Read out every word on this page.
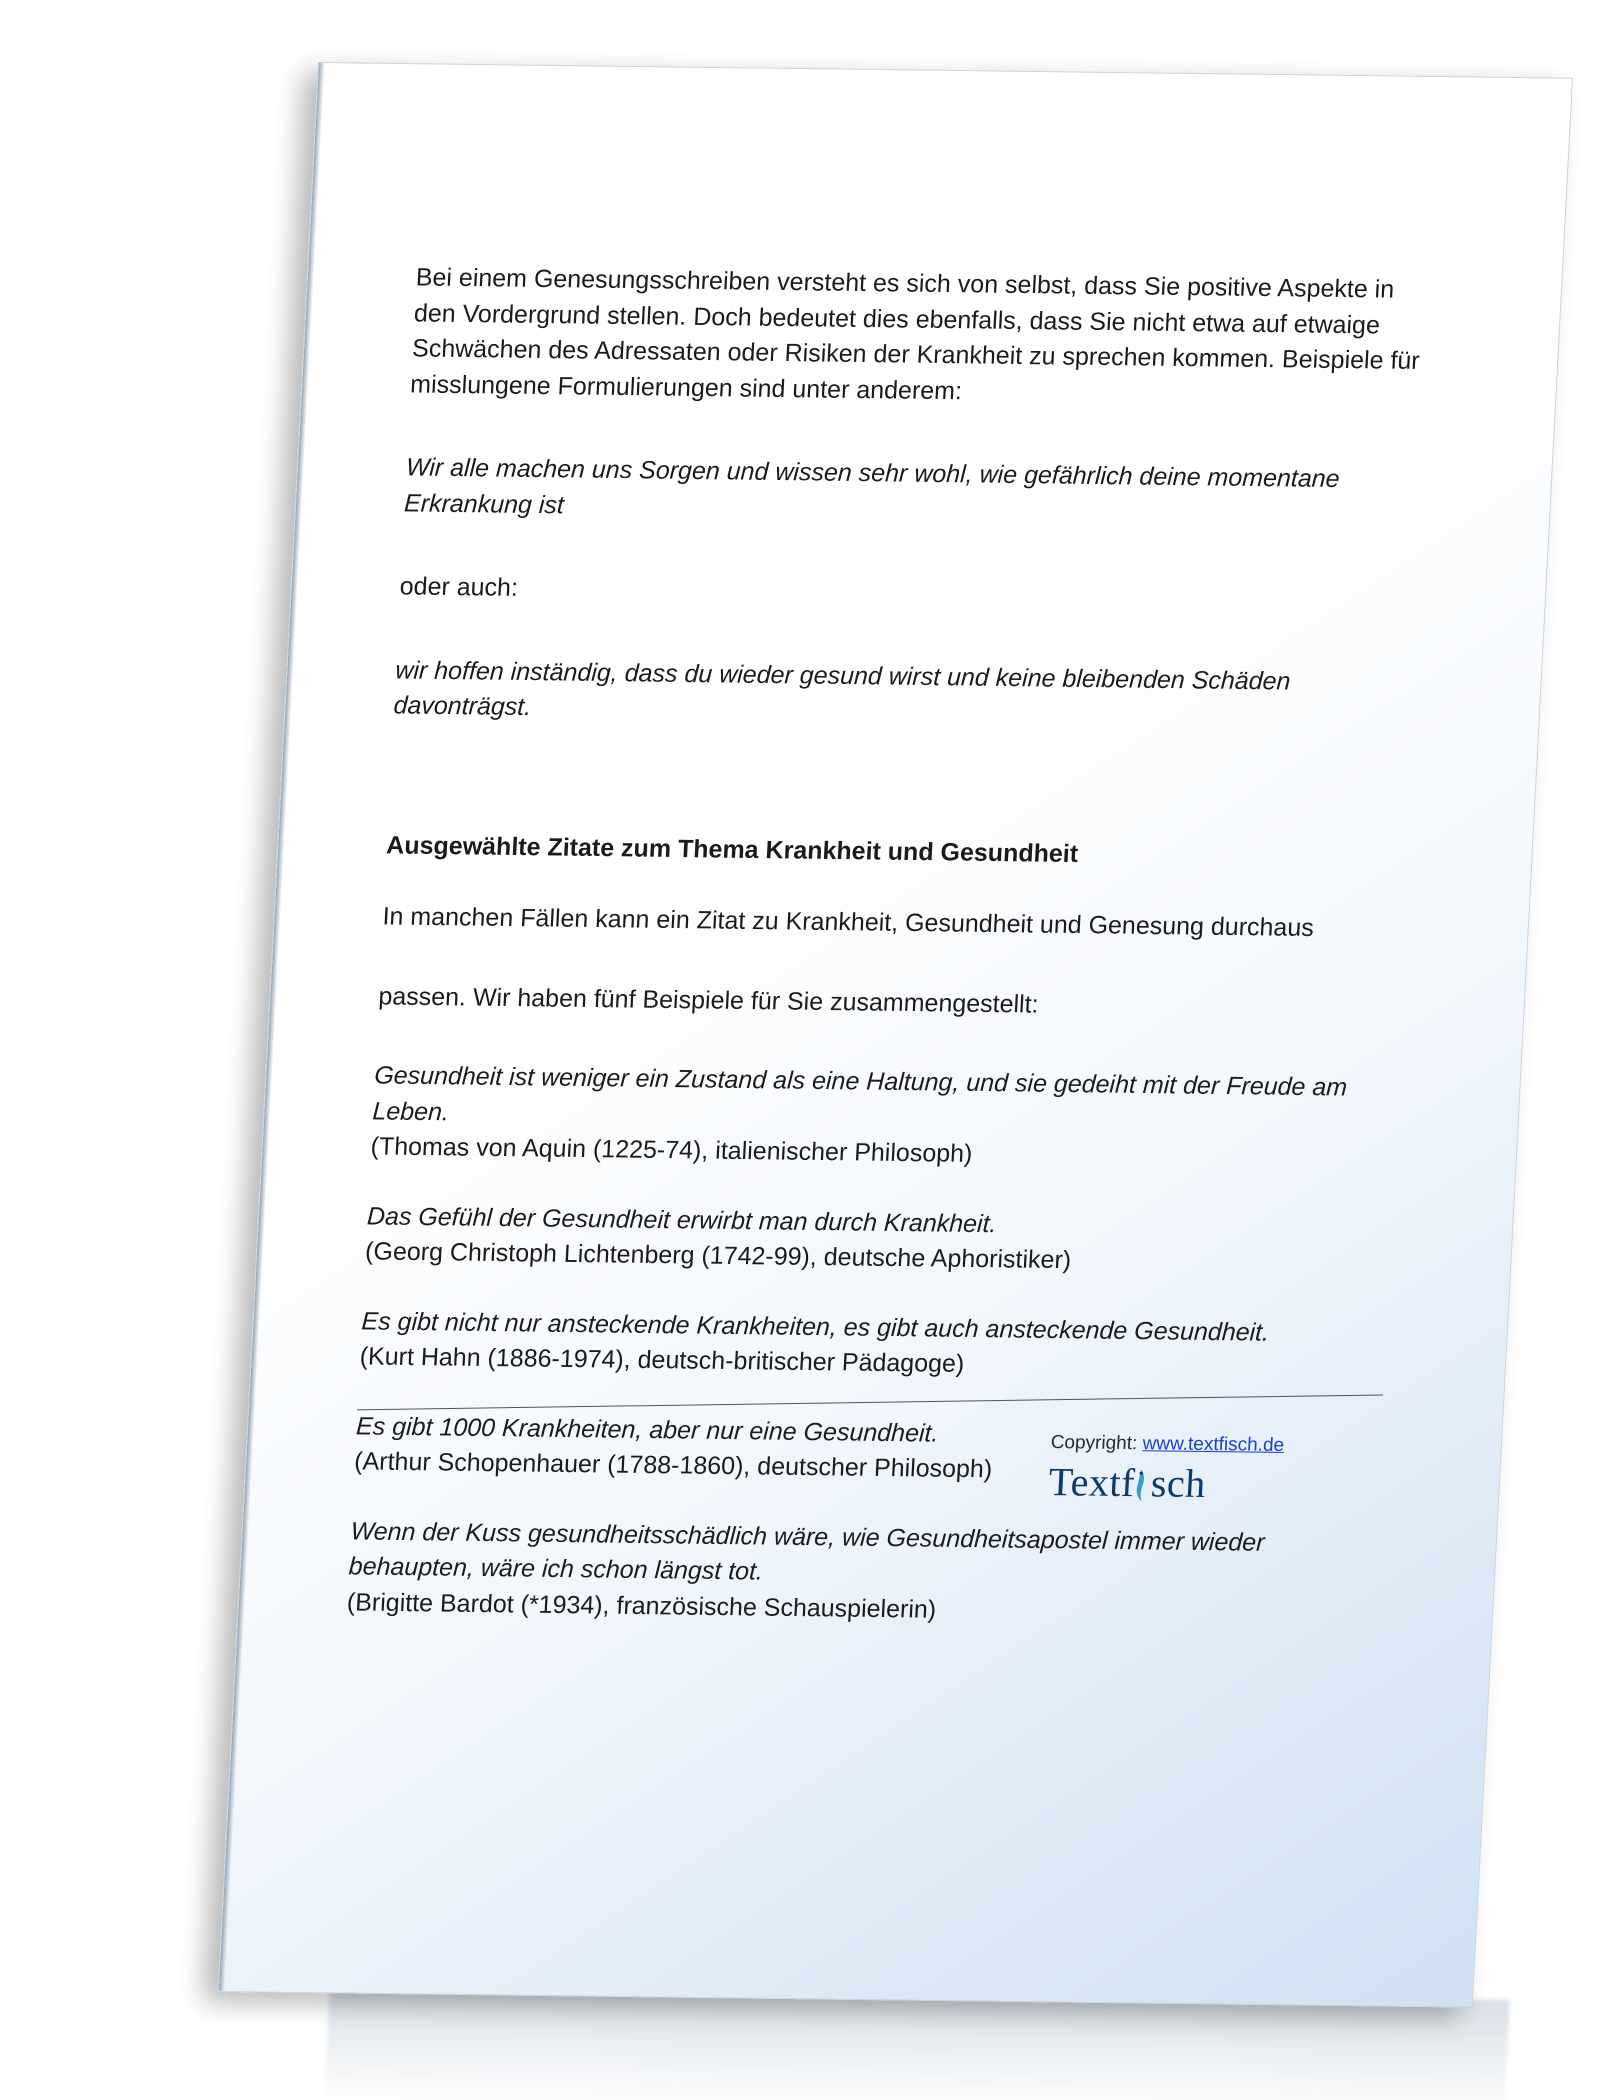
Bei einem Genesungsschreiben versteht es sich von selbst, dass Sie positive Aspekte in den Vordergrund stellen. Doch bedeutet dies ebenfalls, dass Sie nicht etwa auf etwaige Schwächen des Adressaten oder Risiken der Krankheit zu sprechen kommen. Beispiele für misslungene Formulierungen sind unter anderem:

Wir alle machen uns Sorgen und wissen sehr wohl, wie gefährlich deine momentane Erkrankung ist

oder auch:

wir hoffen inständig, dass du wieder gesund wirst und keine bleibenden Schäden davonträgst.

Ausgewählte Zitate zum Thema Krankheit und Gesundheit

In manchen Fällen kann ein Zitat zu Krankheit, Gesundheit und Genesung durchaus

passen. Wir haben fünf Beispiele für Sie zusammengestellt:

Gesundheit ist weniger ein Zustand als eine Haltung, und sie gedeiht mit der Freude am Leben.

(Thomas von Aquin (1225-74), italienischer Philosoph)

Das Gefühl der Gesundheit erwirbt man durch Krankheit.

(Georg Christoph Lichtenberg (1742-99), deutsche Aphoristiker)

Es gibt nicht nur ansteckende Krankheiten, es gibt auch ansteckende Gesundheit.

(Kurt Hahn (1886-1974), deutsch-britischer Pädagoge)

Es gibt 1000 Krankheiten, aber nur eine Gesundheit.

(Arthur Schopenhauer (1788-1860), deutscher Philosoph)

Wenn der Kuss gesundheitsschädlich wäre, wie Gesundheitsapostel immer wieder behaupten, wäre ich schon längst tot.

(Brigitte Bardot (*1934), französische Schauspielerin)

Copyright: www.textfisch.de
Textf sch
